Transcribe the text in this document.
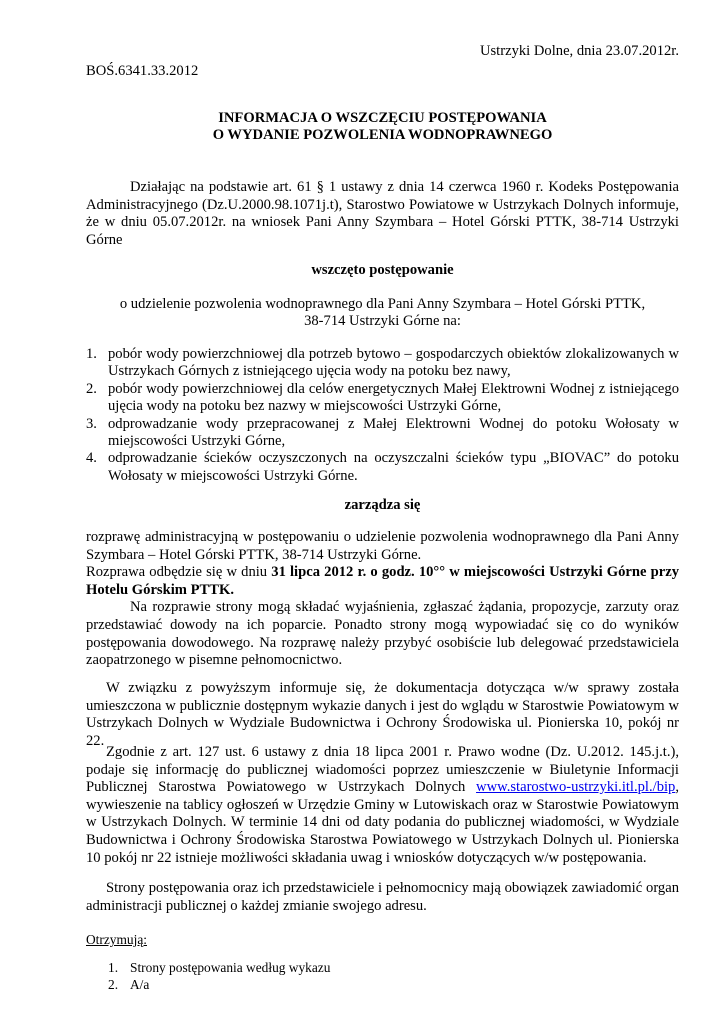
Ustrzyki Dolne, dnia 23.07.2012r.
BOŚ.6341.33.2012
INFORMACJA O WSZCZĘCIU POSTĘPOWANIA
O WYDANIE POZWOLENIA WODNOPRAWNEGO
Działając na podstawie art. 61 § 1 ustawy z dnia 14 czerwca 1960 r. Kodeks Postępowania Administracyjnego (Dz.U.2000.98.1071j.t), Starostwo Powiatowe w Ustrzykach Dolnych informuje, że w dniu 05.07.2012r. na wniosek Pani Anny Szymbara – Hotel Górski PTTK, 38-714 Ustrzyki Górne
wszczęto postępowanie
o udzielenie pozwolenia wodnoprawnego dla Pani Anny Szymbara – Hotel Górski PTTK,
38-714 Ustrzyki Górne na:
1. pobór wody powierzchniowej dla potrzeb bytowo – gospodarczych obiektów zlokalizowanych w Ustrzykach Górnych z istniejącego ujęcia wody na potoku bez nawy,
2. pobór wody powierzchniowej dla celów energetycznych Małej Elektrowni Wodnej z istniejącego ujęcia wody na potoku bez nazwy w miejscowości Ustrzyki Górne,
3. odprowadzanie wody przepracowanej z Małej Elektrowni Wodnej do potoku Wołosaty w miejscowości Ustrzyki Górne,
4. odprowadzanie ścieków oczyszczonych na oczyszczalni ścieków typu „BIOVAC” do potoku Wołosaty w miejscowości Ustrzyki Górne.
zarządza się
rozprawę administracyjną w postępowaniu o udzielenie pozwolenia wodnoprawnego dla Pani Anny Szymbara – Hotel Górski PTTK, 38-714 Ustrzyki Górne.
Rozprawa odbędzie się w dniu 31 lipca 2012 r. o godz. 10°° w miejscowości Ustrzyki Górne przy Hotelu Górskim PTTK.
Na rozprawie strony mogą składać wyjaśnienia, zgłaszać żądania, propozycje, zarzuty oraz przedstawiać dowody na ich poparcie. Ponadto strony mogą wypowiadać się co do wyników postępowania dowodowego. Na rozprawę należy przybyć osobiście lub delegować przedstawiciela zaopatrzonego w pisemne pełnomocnictwo.
W związku z powyższym informuje się, że dokumentacja dotycząca w/w sprawy została umieszczona w publicznie dostępnym wykazie danych i jest do wglądu w Starostwie Powiatowym w Ustrzykach Dolnych w Wydziale Budownictwa i Ochrony Środowiska ul. Pionierska 10, pokój nr 22.
Zgodnie z art. 127 ust. 6 ustawy z dnia 18 lipca 2001 r. Prawo wodne (Dz. U.2012. 145.j.t.), podaje się informację do publicznej wiadomości poprzez umieszczenie w Biuletynie Informacji Publicznej Starostwa Powiatowego w Ustrzykach Dolnych www.starostwo-ustrzyki.itl.pl./bip, wywieszenie na tablicy ogłoszeń w Urzędzie Gminy w Lutowiskach oraz w Starostwie Powiatowym w Ustrzykach Dolnych. W terminie 14 dni od daty podania do publicznej wiadomości, w Wydziale Budownictwa i Ochrony Środowiska Starostwa Powiatowego w Ustrzykach Dolnych ul. Pionierska 10 pokój nr 22 istnieje możliwości składania uwag i wniosków dotyczących w/w postępowania.
Strony postępowania oraz ich przedstawiciele i pełnomocnicy mają obowiązek zawiadomić organ administracji publicznej o każdej zmianie swojego adresu.
Otrzymują:
1. Strony postępowania według wykazu
2. A/a
